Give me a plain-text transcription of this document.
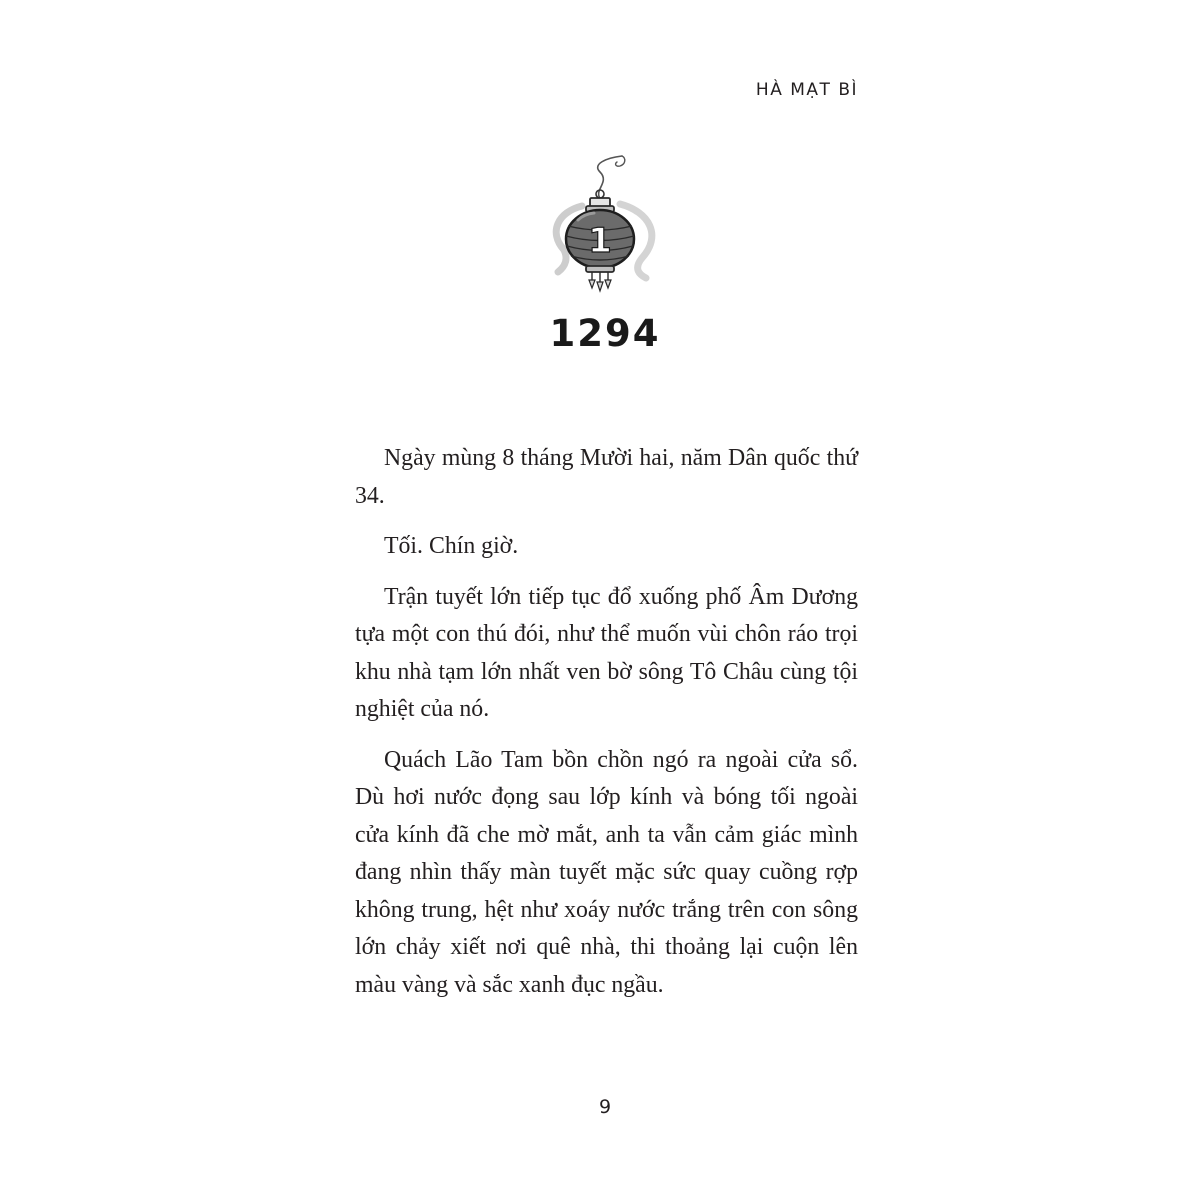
HÀ MẠT BÌ

1
1294

Ngày mùng 8 tháng Mười hai, năm Dân quốc thứ 34.

Tối. Chín giờ.

Trận tuyết lớn tiếp tục đổ xuống phố Âm Dương tựa một con thú đói, như thể muốn vùi chôn ráo trọi khu nhà tạm lớn nhất ven bờ sông Tô Châu cùng tội nghiệt của nó.

Quách Lão Tam bồn chồn ngó ra ngoài cửa sổ. Dù hơi nước đọng sau lớp kính và bóng tối ngoài cửa kính đã che mờ mắt, anh ta vẫn cảm giác mình đang nhìn thấy màn tuyết mặc sức quay cuồng rợp không trung, hệt như xoáy nước trắng trên con sông lớn chảy xiết nơi quê nhà, thi thoảng lại cuộn lên màu vàng và sắc xanh đục ngầu.

9
